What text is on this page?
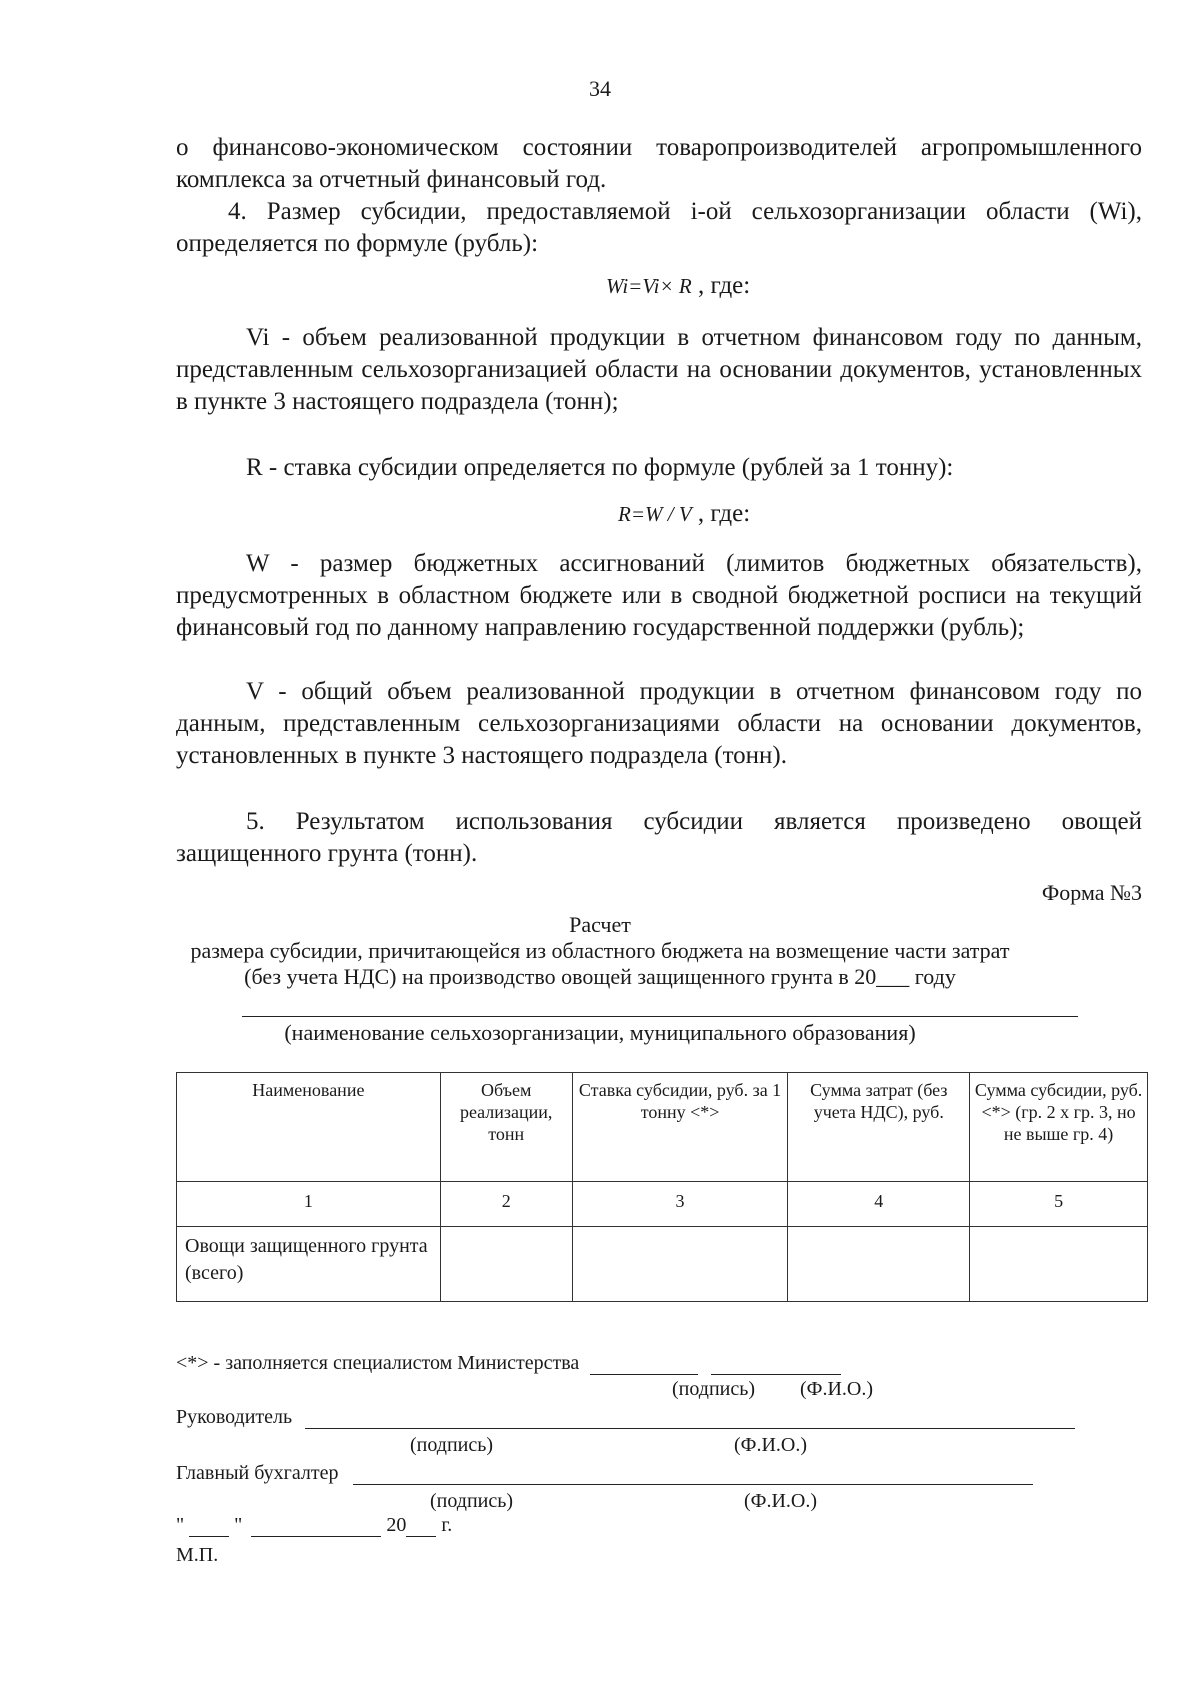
34

о финансово-экономическом состоянии товаропроизводителей агропромышленного комплекса за отчетный финансовый год.

4. Размер субсидии, предоставляемой i-ой сельхозорганизации области (Wi), определяется по формуле (рубль):

Wi=Vi× R , где:

Vi - объем реализованной продукции в отчетном финансовом году по данным, представленным сельхозорганизацией области на основании документов, установленных в пункте 3 настоящего подраздела (тонн);

R - ставка субсидии определяется по формуле (рублей за 1 тонну):

R=W / V , где:

W - размер бюджетных ассигнований (лимитов бюджетных обязательств), предусмотренных в областном бюджете или в сводной бюджетной росписи на текущий финансовый год по данному направлению государственной поддержки (рубль);

V - общий объем реализованной продукции в отчетном финансовом году по данным, представленным сельхозорганизациями области на основании документов, установленных в пункте 3 настоящего подраздела (тонн).

5. Результатом использования субсидии является произведено овощей защищенного грунта (тонн).

Форма №3
Расчет
размера субсидии, причитающейся из областного бюджета на возмещение части затрат
(без учета НДС) на производство овощей защищенного грунта в 20___ году
(наименование сельхозорганизации, муниципального образования)
Наименование	Объем реализации, тонн	Ставка субсидии, руб. за 1 тонну <*>	Сумма затрат (без учета НДС), руб.	Сумма субсидии, руб. <*> (гр. 2 х гр. 3, но не выше гр. 4)
1	2	3	4	5
Овощи защищенного грунта (всего)				
<*> - заполняется специалистом Министерства
(подпись) (Ф.И.О.)
Руководитель
(подпись)	(Ф.И.О.)
Главный бухгалтер
(подпись)	(Ф.И.О.)
"	"	20 г.
М.П.
